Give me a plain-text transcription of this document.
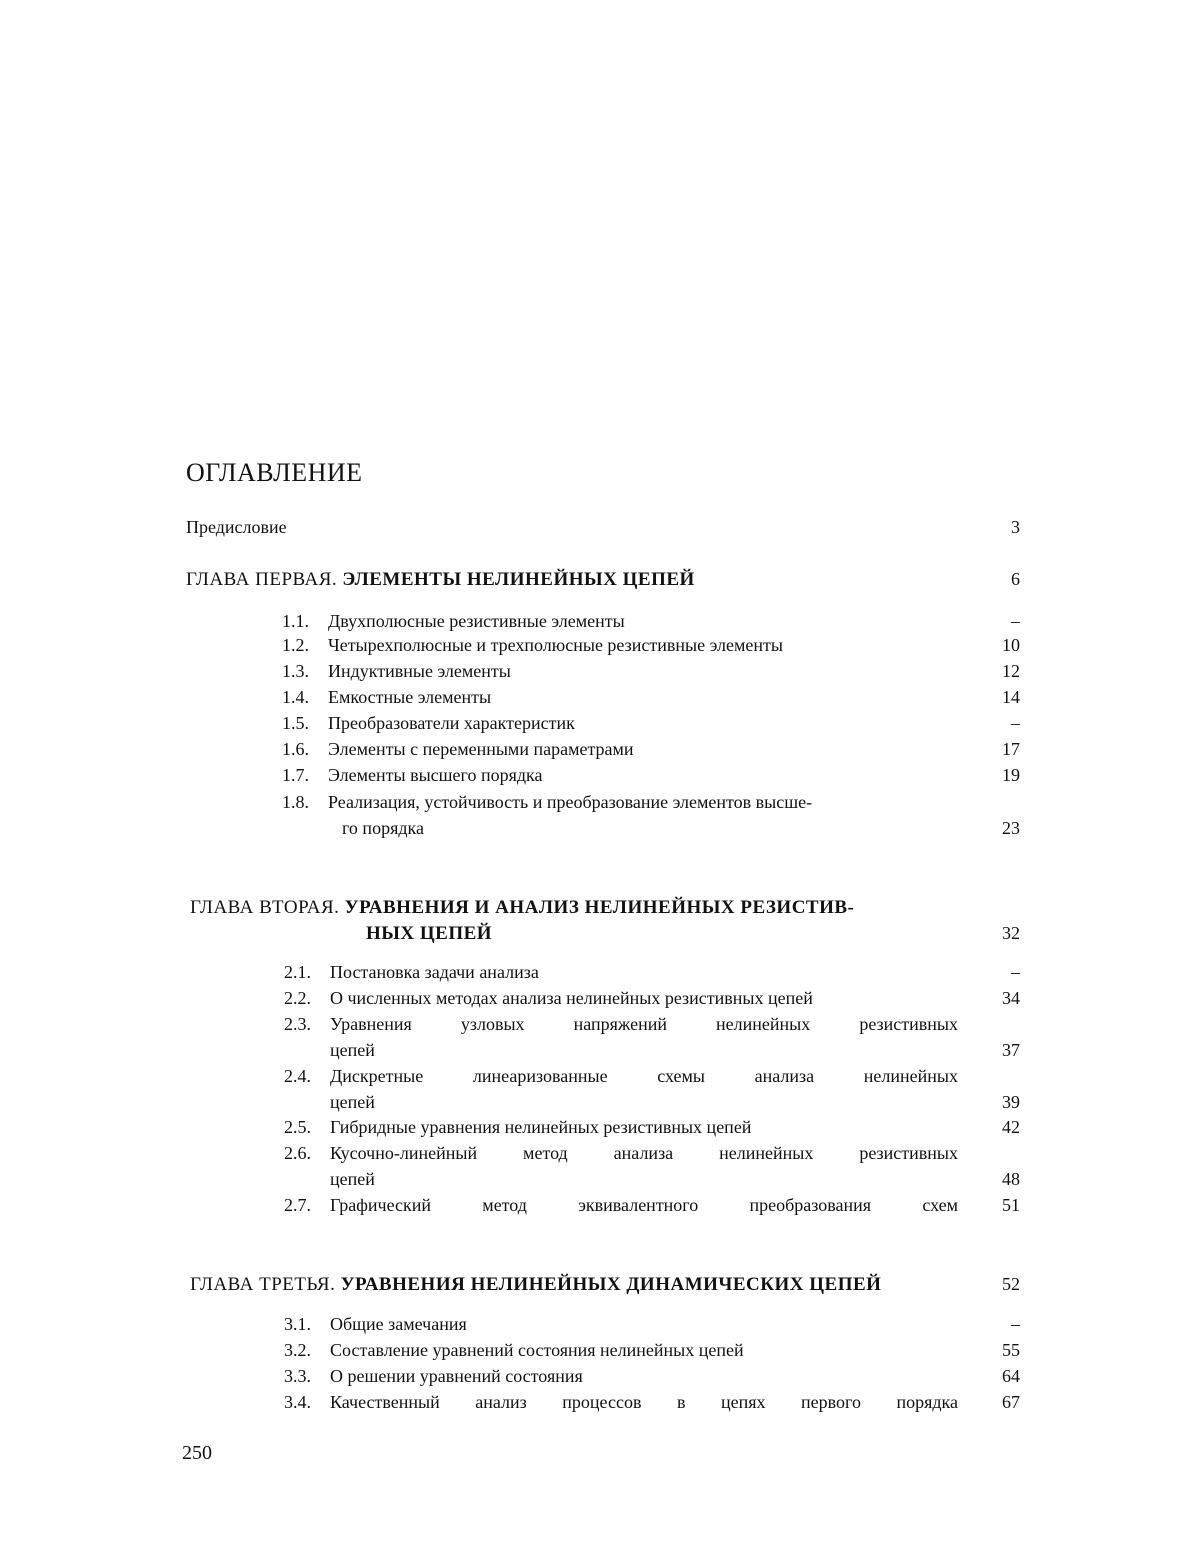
ОГЛАВЛЕНИЕ
Предисловие	3
ГЛАВА ПЕРВАЯ. ЭЛЕМЕНТЫ НЕЛИНЕЙНЫХ ЦЕПЕЙ	6
1.1. Двухполюсные резистивные элементы	–
1.2. Четырехполюсные и трехполюсные резистивные элементы	10
1.3. Индуктивные элементы	12
1.4. Емкостные элементы	14
1.5. Преобразователи характеристик	–
1.6. Элементы с переменными параметрами	17
1.7. Элементы высшего порядка	19
1.8. Реализация, устойчивость и преобразование элементов высше-
го порядка	23
ГЛАВА ВТОРАЯ. УРАВНЕНИЯ И АНАЛИЗ НЕЛИНЕЙНЫХ РЕЗИСТИВ-
НЫХ ЦЕПЕЙ	32
2.1. Постановка задачи анализа	–
2.2. О численных методах анализа нелинейных резистивных цепей	34
2.3. Уравнения узловых напряжений нелинейных резистивных
цепей	37
2.4. Дискретные линеаризованные схемы анализа нелинейных
цепей	39
2.5. Гибридные уравнения нелинейных резистивных цепей	42
2.6. Кусочно-линейный метод анализа нелинейных резистивных
цепей	48
2.7. Графический метод эквивалентного преобразования схем	51
ГЛАВА ТРЕТЬЯ. УРАВНЕНИЯ НЕЛИНЕЙНЫХ ДИНАМИЧЕСКИХ ЦЕПЕЙ	52
3.1. Общие замечания	–
3.2. Составление уравнений состояния нелинейных цепей	55
3.3. О решении уравнений состояния	64
3.4. Качественный анализ процессов в цепях первого порядка	67
250
